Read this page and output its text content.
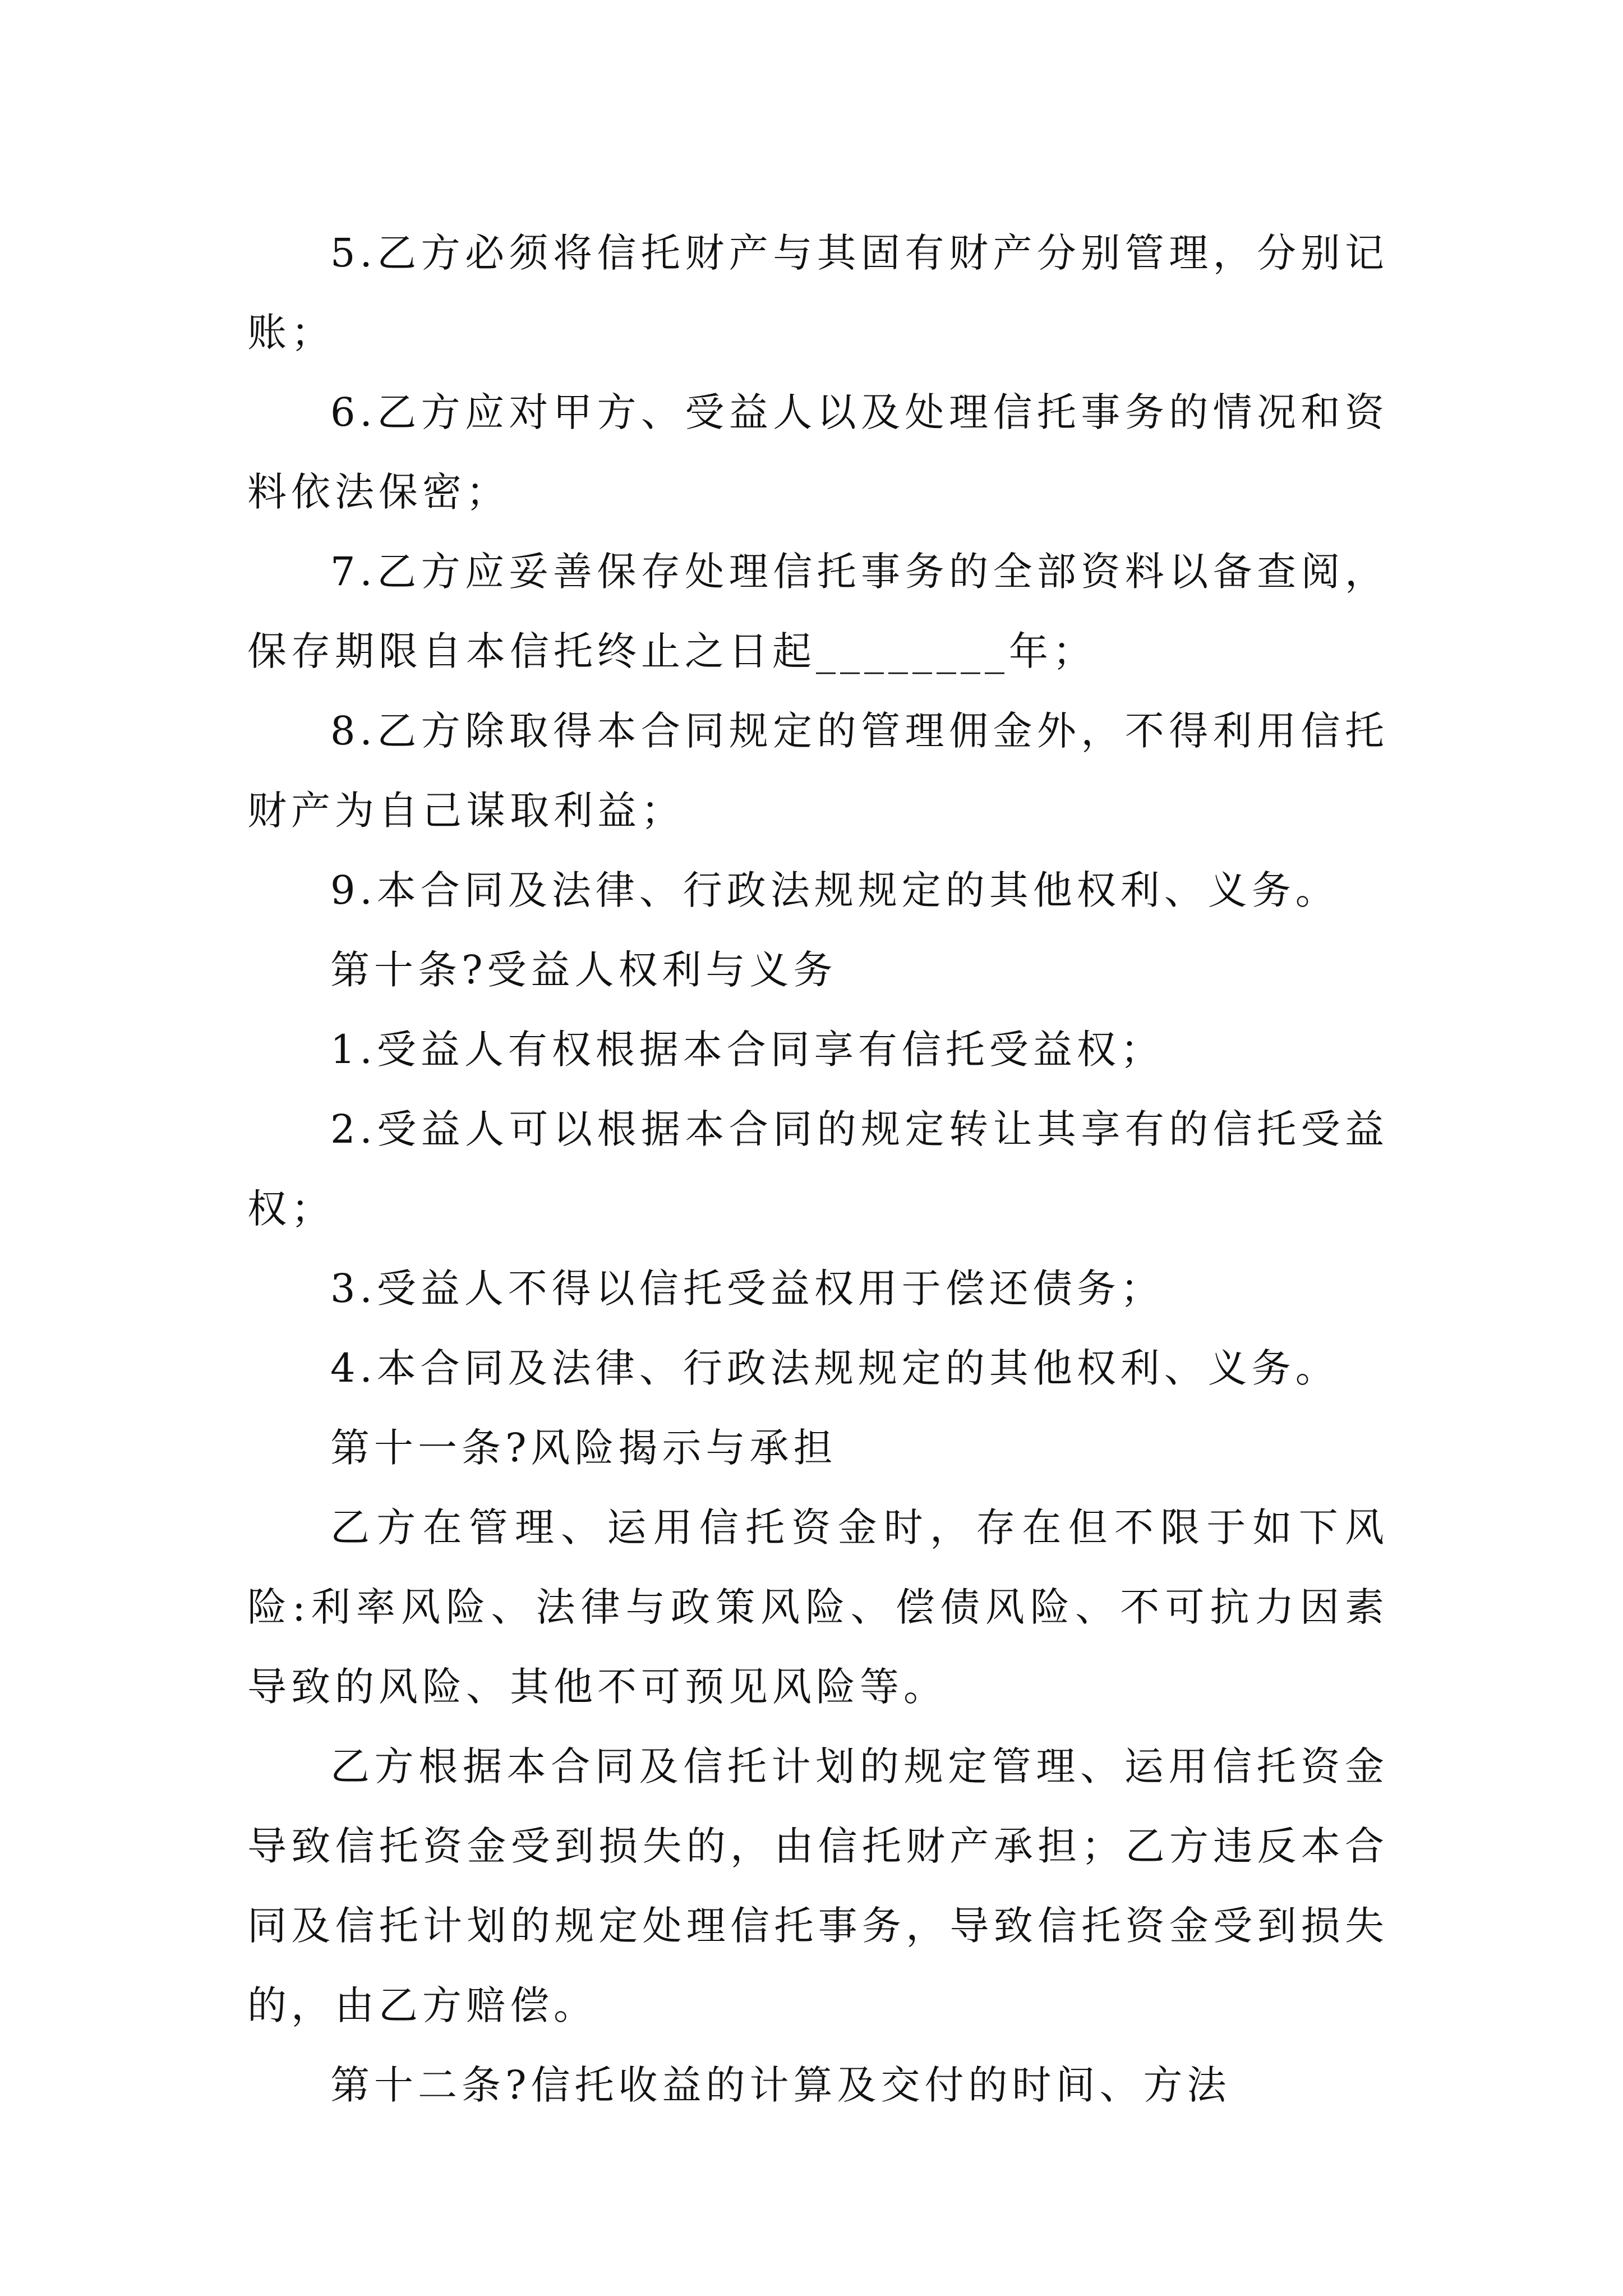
5.乙方必须将信托财产与其固有财产分别管理，分别记账；

6.乙方应对甲方、受益人以及处理信托事务的情况和资料依法保密；

7.乙方应妥善保存处理信托事务的全部资料以备查阅，保存期限自本信托终止之日起________年；

8.乙方除取得本合同规定的管理佣金外，不得利用信托财产为自己谋取利益；

9.本合同及法律、行政法规规定的其他权利、义务。

第十条?受益人权利与义务

1.受益人有权根据本合同享有信托受益权；

2.受益人可以根据本合同的规定转让其享有的信托受益权；

3.受益人不得以信托受益权用于偿还债务；

4.本合同及法律、行政法规规定的其他权利、义务。

第十一条?风险揭示与承担

乙方在管理、运用信托资金时，存在但不限于如下风险:利率风险、法律与政策风险、偿债风险、不可抗力因素导致的风险、其他不可预见风险等。

乙方根据本合同及信托计划的规定管理、运用信托资金导致信托资金受到损失的，由信托财产承担；乙方违反本合同及信托计划的规定处理信托事务，导致信托资金受到损失的，由乙方赔偿。

第十二条?信托收益的计算及交付的时间、方法
